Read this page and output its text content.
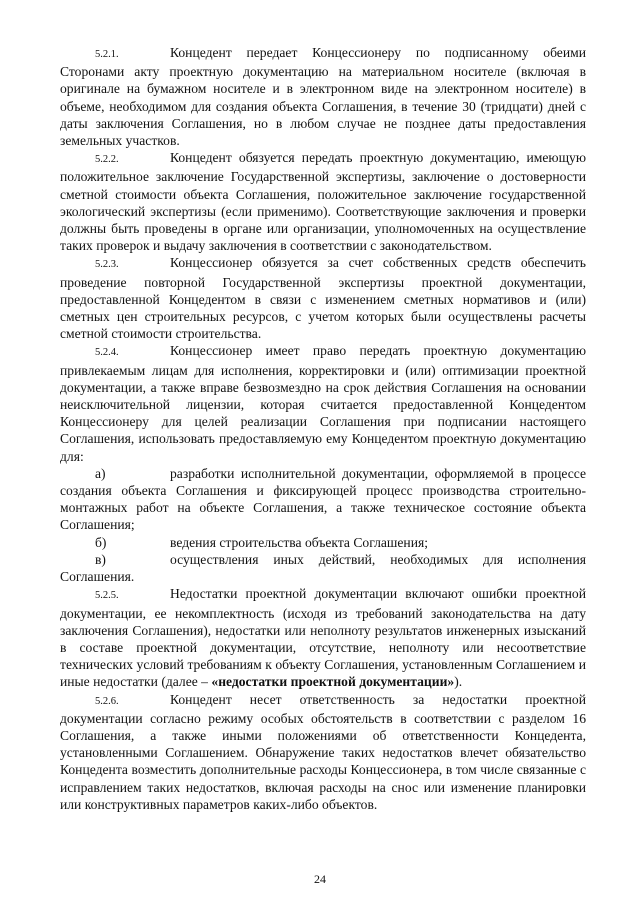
5.2.1.	Концедент передает Концессионеру по подписанному обеими Сторонами акту проектную документацию на материальном носителе (включая в оригинале на бумажном носителе и в электронном виде на электронном носителе) в объеме, необходимом для создания объекта Соглашения, в течение 30 (тридцати) дней с даты заключения Соглашения, но в любом случае не позднее даты предоставления земельных участков.

5.2.2.	Концедент обязуется передать проектную документацию, имеющую положительное заключение Государственной экспертизы, заключение о достоверности сметной стоимости объекта Соглашения, положительное заключение государственной экологический экспертизы (если применимо). Соответствующие заключения и проверки должны быть проведены в органе или организации, уполномоченных на осуществление таких проверок и выдачу заключения в соответствии с законодательством.

5.2.3.	Концессионер обязуется за счет собственных средств обеспечить проведение повторной Государственной экспертизы проектной документации, предоставленной Концедентом в связи с изменением сметных нормативов и (или) сметных цен строительных ресурсов, с учетом которых были осуществлены расчеты сметной стоимости строительства.

5.2.4.	Концессионер имеет право передать проектную документацию привлекаемым лицам для исполнения, корректировки и (или) оптимизации проектной документации, а также вправе безвозмездно на срок действия Соглашения на основании неисключительной лицензии, которая считается предоставленной Концедентом Концессионеру для целей реализации Соглашения при подписании настоящего Соглашения, использовать предоставляемую ему Концедентом проектную документацию для:

а)	разработки исполнительной документации, оформляемой в процессе создания объекта Соглашения и фиксирующей процесс производства строительно-монтажных работ на объекте Соглашения, а также техническое состояние объекта Соглашения;

б)	ведения строительства объекта Соглашения;

в)	осуществления иных действий, необходимых для исполнения Соглашения.

5.2.5.	Недостатки проектной документации включают ошибки проектной документации, ее некомплектность (исходя из требований законодательства на дату заключения Соглашения), недостатки или неполноту результатов инженерных изысканий в составе проектной документации, отсутствие, неполноту или несоответствие технических условий требованиям к объекту Соглашения, установленным Соглашением и иные недостатки (далее – «недостатки проектной документации»).

5.2.6.	Концедент несет ответственность за недостатки проектной документации согласно режиму особых обстоятельств в соответствии с разделом 16 Соглашения, а также иными положениями об ответственности Концедента, установленными Соглашением. Обнаружение таких недостатков влечет обязательство Концедента возместить дополнительные расходы Концессионера, в том числе связанные с исправлением таких недостатков, включая расходы на снос или изменение планировки или конструктивных параметров каких-либо объектов.

24
